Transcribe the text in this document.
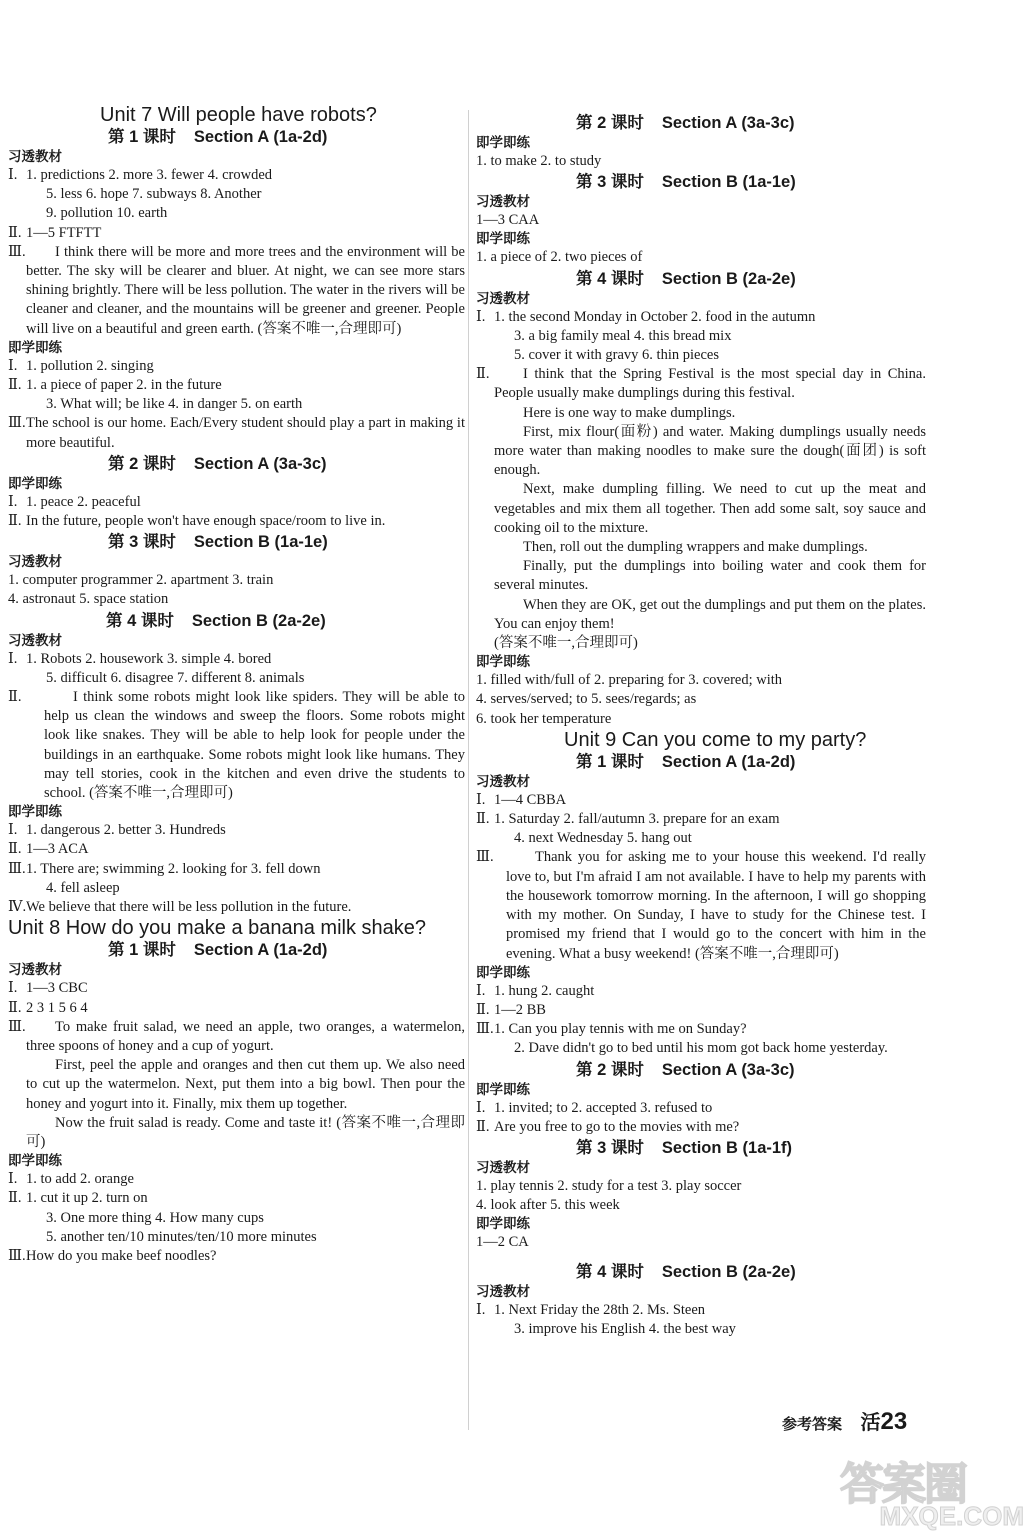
Unit 7 Will people have robots?
第 1 课时 Section A (1a-2d)
习透教材
Ⅰ. 1. predictions 2. more 3. fewer 4. crowded
5. less 6. hope 7. subways 8. Another
9. pollution 10. earth
Ⅱ. 1—5 FTFTT
Ⅲ.	I think there will be more and more trees and the environment will be better. The sky will be clearer and bluer. At night, we can see more stars shining brightly. There will be less pollution. The water in the rivers will be cleaner and cleaner, and the mountains will be greener and greener. People will live on a beautiful and green earth. (答案不唯一,合理即可)
即学即练
Ⅰ. 1. pollution 2. singing
Ⅱ. 1. a piece of paper 2. in the future
3. What will; be like 4. in danger 5. on earth
Ⅲ. The school is our home. Each/Every student should play a part in making it more beautiful.
第 2 课时 Section A (3a-3c)
即学即练
Ⅰ. 1. peace 2. peaceful
Ⅱ. In the future, people won't have enough space/room to live in.
第 3 课时 Section B (1a-1e)
习透教材
1. computer programmer 2. apartment 3. train
4. astronaut 5. space station
第 4 课时 Section B (2a-2e)
习透教材
Ⅰ. 1. Robots 2. housework 3. simple 4. bored
5. difficult 6. disagree 7. different 8. animals
Ⅱ.	I think some robots might look like spiders. They will be able to help us clean the windows and sweep the floors. Some robots might look like snakes. They will be able to help look for people under the buildings in an earthquake. Some robots might look like humans. They may tell stories, cook in the kitchen and even drive the students to school. (答案不唯一,合理即可)
即学即练
Ⅰ. 1. dangerous 2. better 3. Hundreds
Ⅱ. 1—3 ACA
Ⅲ. 1. There are; swimming 2. looking for 3. fell down
4. fell asleep
Ⅳ. We believe that there will be less pollution in the future.
Unit 8 How do you make a banana milk shake?
第 1 课时 Section A (1a-2d)
习透教材
Ⅰ. 1—3 CBC
Ⅱ. 2 3 1 5 6 4
Ⅲ.	To make fruit salad, we need an apple, two oranges, a watermelon, three spoons of honey and a cup of yogurt.
First, peel the apple and oranges and then cut them up. We also need to cut up the watermelon. Next, put them into a big bowl. Then pour the honey and yogurt into it. Finally, mix them up together.
Now the fruit salad is ready. Come and taste it! (答案不唯一,合理即可)
即学即练
Ⅰ. 1. to add 2. orange
Ⅱ. 1. cut it up 2. turn on
3. One more thing 4. How many cups
5. another ten/10 minutes/ten/10 more minutes
Ⅲ. How do you make beef noodles?
第 2 课时 Section A (3a-3c)
即学即练
1. to make 2. to study
第 3 课时 Section B (1a-1e)
习透教材
1—3 CAA
即学即练
1. a piece of 2. two pieces of
第 4 课时 Section B (2a-2e)
习透教材
Ⅰ. 1. the second Monday in October 2. food in the autumn
3. a big family meal 4. this bread mix
5. cover it with gravy 6. thin pieces
Ⅱ.	I think that the Spring Festival is the most special day in China. People usually make dumplings during this festival.
Here is one way to make dumplings.
First, mix flour(面粉) and water. Making dumplings usually needs more water than making noodles to make sure the dough(面团) is soft enough.
Next, make dumpling filling. We need to cut up the meat and vegetables and mix them all together. Then add some salt, soy sauce and cooking oil to the mixture.
Then, roll out the dumpling wrappers and make dumplings.
Finally, put the dumplings into boiling water and cook them for several minutes.
When they are OK, get out the dumplings and put them on the plates. You can enjoy them!
(答案不唯一,合理即可)
即学即练
1. filled with/full of 2. preparing for 3. covered; with
4. serves/served; to 5. sees/regards; as
6. took her temperature
Unit 9 Can you come to my party?
第 1 课时 Section A (1a-2d)
习透教材
Ⅰ. 1—4 CBBA
Ⅱ. 1. Saturday 2. fall/autumn 3. prepare for an exam
4. next Wednesday 5. hang out
Ⅲ.	Thank you for asking me to your house this weekend. I'd really love to, but I'm afraid I am not available. I have to help my parents with the housework tomorrow morning. In the afternoon, I will go shopping with my mother. On Sunday, I have to study for the Chinese test. I promised my friend that I would go to the concert with him in the evening. What a busy weekend! (答案不唯一,合理即可)
即学即练
Ⅰ. 1. hung 2. caught
Ⅱ. 1—2 BB
Ⅲ. 1. Can you play tennis with me on Sunday?
2. Dave didn't go to bed until his mom got back home yesterday.
第 2 课时 Section A (3a-3c)
即学即练
Ⅰ. 1. invited; to 2. accepted 3. refused to
Ⅱ. Are you free to go to the movies with me?
第 3 课时 Section B (1a-1f)
习透教材
1. play tennis 2. study for a test 3. play soccer
4. look after 5. this week
即学即练
1—2 CA
第 4 课时 Section B (2a-2e)
习透教材
Ⅰ. 1. Next Friday the 28th 2. Ms. Steen
3. improve his English 4. the best way
参考答案 活23
答案圈
MXQE.COM
